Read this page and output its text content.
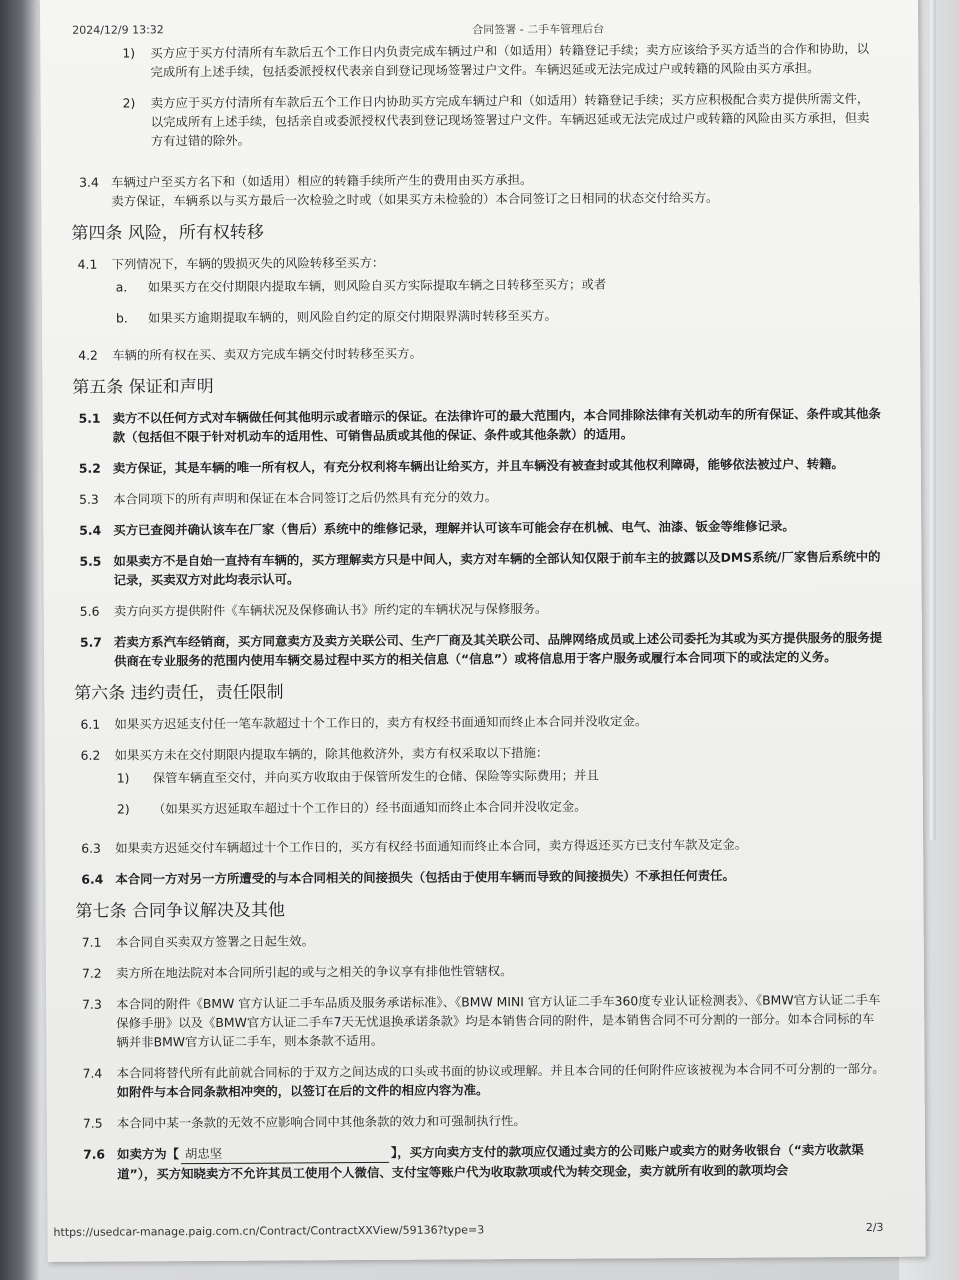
2024/12/9 13:32	合同签署 - 二手车管理后台
1) 买方应于买方付清所有车款后五个工作日内负责完成车辆过户和（如适用）转籍登记手续；卖方应该给予买方适当的合作和协助，以完成所有上述手续，包括委派授权代表亲自到登记现场签署过户文件。车辆迟延或无法完成过户或转籍的风险由买方承担。
2) 卖方应于买方付清所有车款后五个工作日内协助买方完成车辆过户和（如适用）转籍登记手续；买方应积极配合卖方提供所需文件，以完成所有上述手续，包括亲自或委派授权代表到登记现场签署过户文件。车辆迟延或无法完成过户或转籍的风险由买方承担，但卖方有过错的除外。
3.4 车辆过户至买方名下和（如适用）相应的转籍手续所产生的费用由买方承担。
卖方保证，车辆系以与买方最后一次检验之时或（如果买方未检验的）本合同签订之日相同的状态交付给买方。
第四条 风险，所有权转移
4.1 下列情况下，车辆的毁损灭失的风险转移至买方：
a. 如果买方在交付期限内提取车辆，则风险自买方实际提取车辆之日转移至买方；或者
b. 如果买方逾期提取车辆的，则风险自约定的原交付期限界满时转移至买方。
4.2 车辆的所有权在买、卖双方完成车辆交付时转移至买方。
第五条 保证和声明
5.1 卖方不以任何方式对车辆做任何其他明示或者暗示的保证。在法律许可的最大范围内，本合同排除法律有关机动车的所有保证、条件或其他条款（包括但不限于针对机动车的适用性、可销售品质或其他的保证、条件或其他条款）的适用。
5.2 卖方保证，其是车辆的唯一所有权人，有充分权利将车辆出让给买方，并且车辆没有被查封或其他权利障碍，能够依法被过户、转籍。
5.3 本合同项下的所有声明和保证在本合同签订之后仍然具有充分的效力。
5.4 买方已查阅并确认该车在厂家（售后）系统中的维修记录，理解并认可该车可能会存在机械、电气、油漆、钣金等维修记录。
5.5 如果卖方不是自始一直持有车辆的，买方理解卖方只是中间人，卖方对车辆的全部认知仅限于前车主的披露以及DMS系统/厂家售后系统中的记录，买卖双方对此均表示认可。
5.6 卖方向买方提供附件《车辆状况及保修确认书》所约定的车辆状况与保修服务。
5.7 若卖方系汽车经销商，买方同意卖方及卖方关联公司、生产厂商及其关联公司、品牌网络成员或上述公司委托为其或为买方提供服务的服务提供商在专业服务的范围内使用车辆交易过程中买方的相关信息（“信息”）或将信息用于客户服务或履行本合同项下的或法定的义务。
第六条 违约责任，责任限制
6.1 如果买方迟延支付任一笔车款超过十个工作日的，卖方有权经书面通知而终止本合同并没收定金。
6.2 如果买方未在交付期限内提取车辆的，除其他救济外，卖方有权采取以下措施：
1) 保管车辆直至交付，并向买方收取由于保管所发生的仓储、保险等实际费用；并且
2) （如果买方迟延取车超过十个工作日的）经书面通知而终止本合同并没收定金。
6.3 如果卖方迟延交付车辆超过十个工作日的，买方有权经书面通知而终止本合同，卖方得返还买方已支付车款及定金。
6.4 本合同一方对另一方所遭受的与本合同相关的间接损失（包括由于使用车辆而导致的间接损失）不承担任何责任。
第七条 合同争议解决及其他
7.1 本合同自买卖双方签署之日起生效。
7.2 卖方所在地法院对本合同所引起的或与之相关的争议享有排他性管辖权。
7.3 本合同的附件《BMW 官方认证二手车品质及服务承诺标准》、《BMW MINI 官方认证二手车360度专业认证检测表》、《BMW官方认证二手车保修手册》以及《BMW官方认证二手车7天无忧退换承诺条款》均是本销售合同的附件，是本销售合同不可分割的一部分。如本合同标的车辆并非BMW官方认证二手车，则本条款不适用。
7.4 本合同将替代所有此前就合同标的于双方之间达成的口头或书面的协议或理解。并且本合同的任何附件应该被视为本合同不可分割的一部分。如附件与本合同条款相冲突的，以签订在后的文件的相应内容为准。
7.5 本合同中某一条款的无效不应影响合同中其他条款的效力和可强制执行性。
7.6 如卖方为【 胡忠坚	】，买方向卖方支付的款项应仅通过卖方的公司账户或卖方的财务收银台（“卖方收款渠道”），买方知晓卖方不允许其员工使用个人微信、支付宝等账户代为收取款项或代为转交现金，卖方就所有收到的款项均会
https://usedcar-manage.paig.com.cn/Contract/ContractXXView/59136?type=3	2/3
